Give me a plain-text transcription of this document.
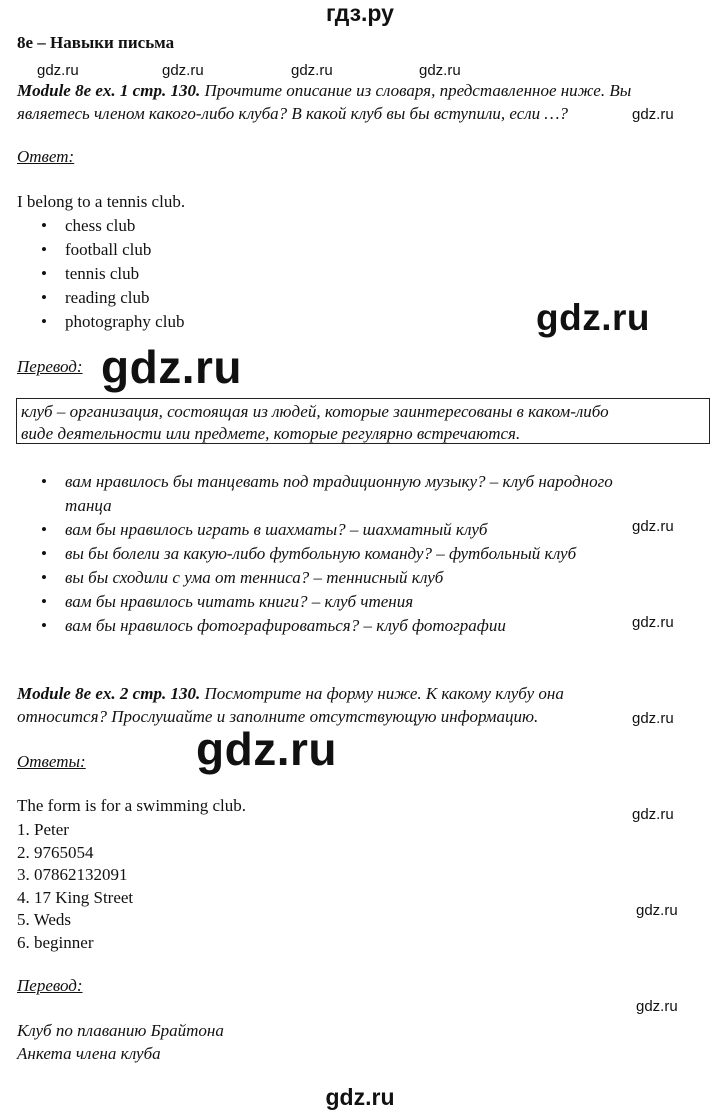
гдз.ру
8e – Навыки письма
gdz.ru	gdz.ru	gdz.ru	gdz.ru
Module 8e ex. 1 стр. 130. Прочтите описание из словаря, представленное ниже. Вы
являетесь членом какого-либо клуба? В какой клуб вы бы вступили, если …?	gdz.ru
Ответ:
I belong to a tennis club.
• chess club
• football club
• tennis club
• reading club
• photography club	gdz.ru
Перевод: gdz.ru

клуб – организация, состоящая из людей, которые заинтересованы в каком-либо

виде деятельности или предмете, которые регулярно встречаются.

• вам нравилось бы танцевать под традиционную музыку? – клуб народного
танца
• вам бы нравилось играть в шахматы? – шахматный клуб
• вы бы болели за какую-либо футбольную команду? – футбольный клуб
• вы бы сходили с ума от тенниса? – теннисный клуб
• вам бы нравилось читать книги? – клуб чтения
• вам бы нравилось фотографироваться? – клуб фотографии
gdz.ru
gdz.ru
Module 8e ex. 2 стр. 130. Посмотрите на форму ниже. К какому клубу она
относится? Прослушайте и заполните отсутствующую информацию.	gdz.ru
gdz.ru
Ответы:
The form is for a swimming club.	gdz.ru
1. Peter
2. 9765054
3. 07862132091
4. 17 King Street
5. Weds
6. beginner
gdz.ru
Перевод:
gdz.ru
Клуб по плаванию Брайтона
Анкета члена клуба
gdz.ru
